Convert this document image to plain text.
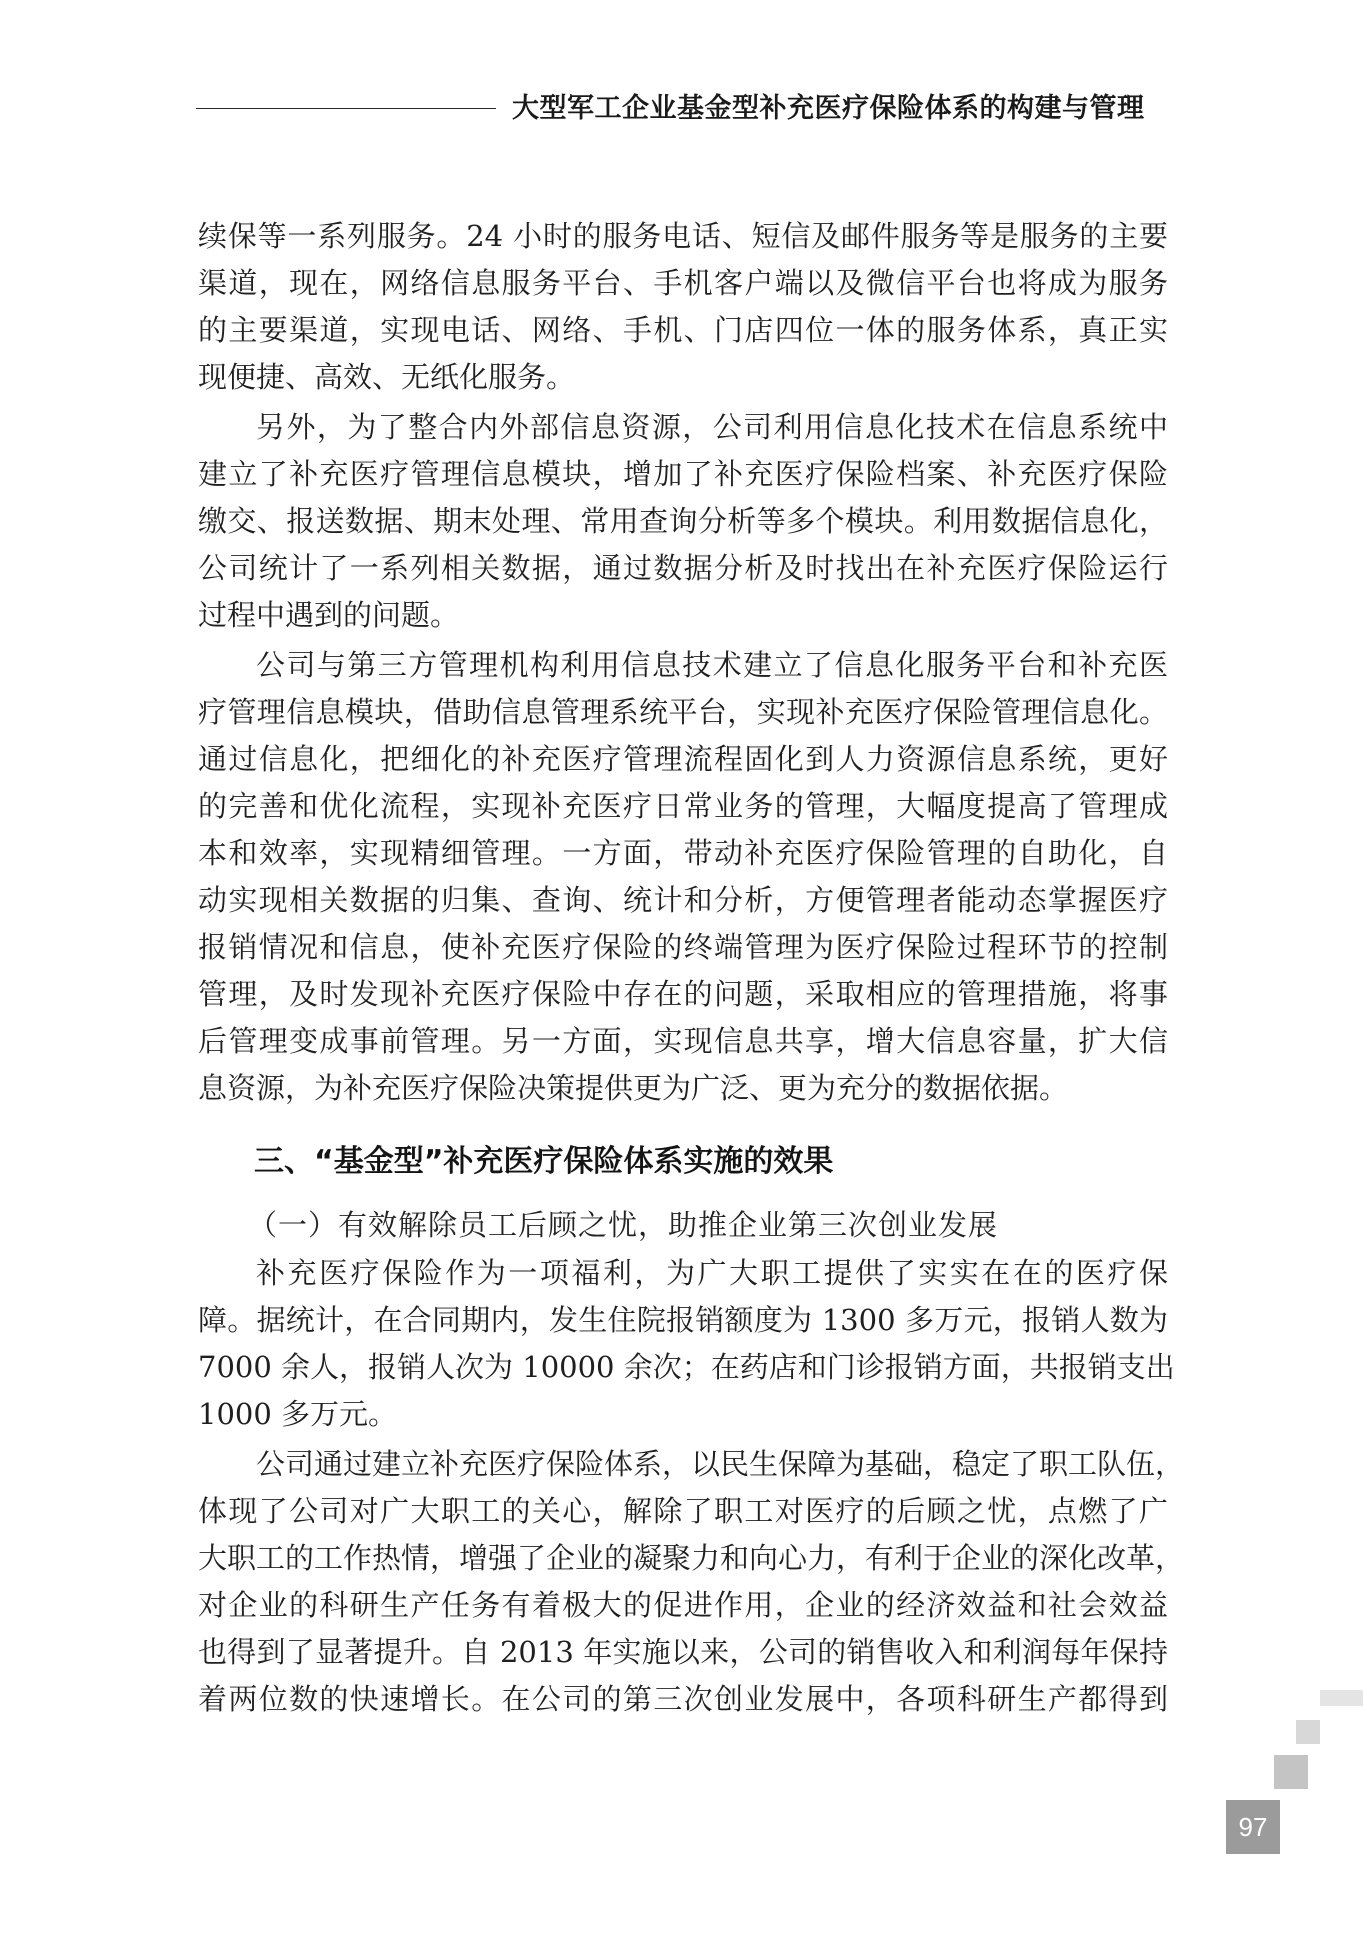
大型军工企业基金型补充医疗保险体系的构建与管理
续保等一系列服务。24 小时的服务电话、短信及邮件服务等是服务的主要
渠道，现在，网络信息服务平台、手机客户端以及微信平台也将成为服务
的主要渠道，实现电话、网络、手机、门店四位一体的服务体系，真正实
现便捷、高效、无纸化服务。
另外，为了整合内外部信息资源，公司利用信息化技术在信息系统中
建立了补充医疗管理信息模块，增加了补充医疗保险档案、补充医疗保险
缴交、报送数据、期末处理、常用查询分析等多个模块。利用数据信息化，
公司统计了一系列相关数据，通过数据分析及时找出在补充医疗保险运行
过程中遇到的问题。
公司与第三方管理机构利用信息技术建立了信息化服务平台和补充医
疗管理信息模块，借助信息管理系统平台，实现补充医疗保险管理信息化。
通过信息化，把细化的补充医疗管理流程固化到人力资源信息系统，更好
的完善和优化流程，实现补充医疗日常业务的管理，大幅度提高了管理成
本和效率，实现精细管理。一方面，带动补充医疗保险管理的自助化，自
动实现相关数据的归集、查询、统计和分析，方便管理者能动态掌握医疗
报销情况和信息，使补充医疗保险的终端管理为医疗保险过程环节的控制
管理，及时发现补充医疗保险中存在的问题，采取相应的管理措施，将事
后管理变成事前管理。另一方面，实现信息共享，增大信息容量，扩大信
息资源，为补充医疗保险决策提供更为广泛、更为充分的数据依据。
三、“基金型”补充医疗保险体系实施的效果
（一）有效解除员工后顾之忧，助推企业第三次创业发展
补充医疗保险作为一项福利，为广大职工提供了实实在在的医疗保
障。据统计，在合同期内，发生住院报销额度为 1300 多万元，报销人数为
7000 余人，报销人次为 10000 余次；在药店和门诊报销方面，共报销支出
1000 多万元。
公司通过建立补充医疗保险体系，以民生保障为基础，稳定了职工队伍，
体现了公司对广大职工的关心，解除了职工对医疗的后顾之忧，点燃了广
大职工的工作热情，增强了企业的凝聚力和向心力，有利于企业的深化改革，
对企业的科研生产任务有着极大的促进作用，企业的经济效益和社会效益
也得到了显著提升。自 2013 年实施以来，公司的销售收入和利润每年保持
着两位数的快速增长。在公司的第三次创业发展中，各项科研生产都得到
97
